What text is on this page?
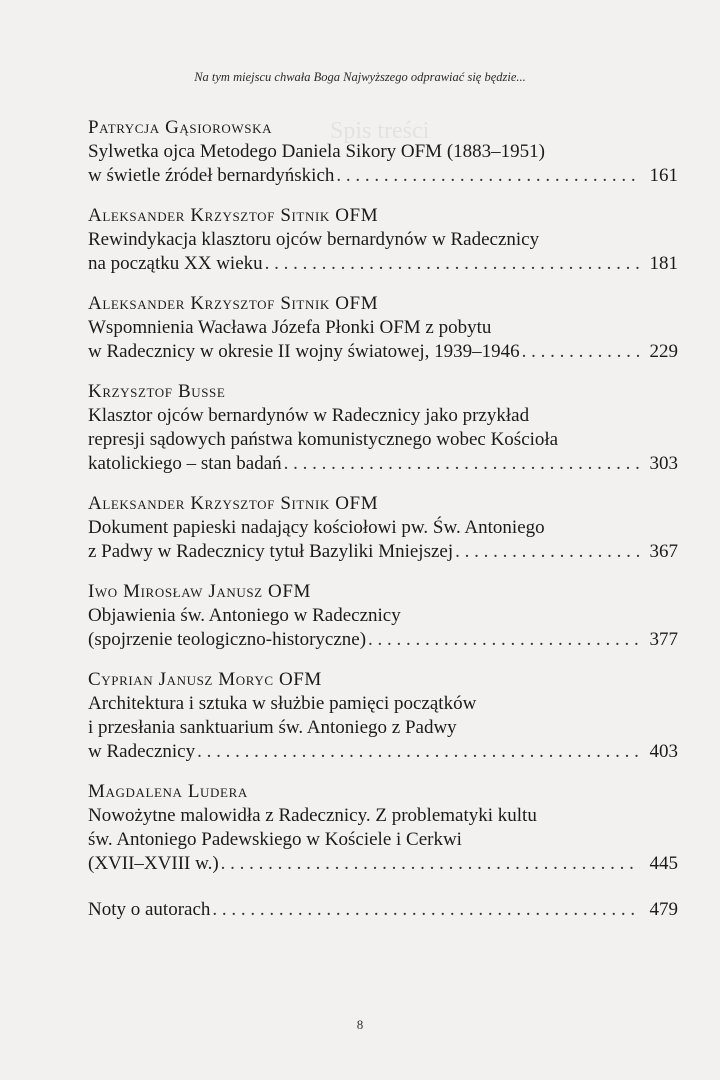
Spis treści
Na tym miejscu chwała Boga Najwyższego odprawiać się będzie...
Patrycja Gąsiorowska
Sylwetka ojca Metodego Daniela Sikory OFM (1883–1951)
w świetle źródeł bernardyńskich . . .	161
Aleksander Krzysztof Sitnik OFM
Rewindykacja klasztoru ojców bernardynów w Radecznicy
na początku XX wieku . . .	181
Aleksander Krzysztof Sitnik OFM
Wspomnienia Wacława Józefa Płonki OFM z pobytu
w Radecznicy w okresie II wojny światowej, 1939–1946 . . .	229
Krzysztof Busse
Klasztor ojców bernardynów w Radecznicy jako przykład
represji sądowych państwa komunistycznego wobec Kościoła
katolickiego – stan badań . . .	303
Aleksander Krzysztof Sitnik OFM
Dokument papieski nadający kościołowi pw. Św. Antoniego
z Padwy w Radecznicy tytuł Bazyliki Mniejszej . . .	367
Iwo Mirosław Janusz OFM
Objawienia św. Antoniego w Radecznicy
(spojrzenie teologiczno-historyczne) . . .	377
Cyprian Janusz Moryc OFM
Architektura i sztuka w służbie pamięci początków
i przesłania sanktuarium św. Antoniego z Padwy
w Radecznicy . . .	403
Magdalena Ludera
Nowożytne malowidła z Radecznicy. Z problematyki kultu
św. Antoniego Padewskiego w Kościele i Cerkwi
(XVII–XVIII w.) . . .	445
Noty o autorach . . .	479
8
